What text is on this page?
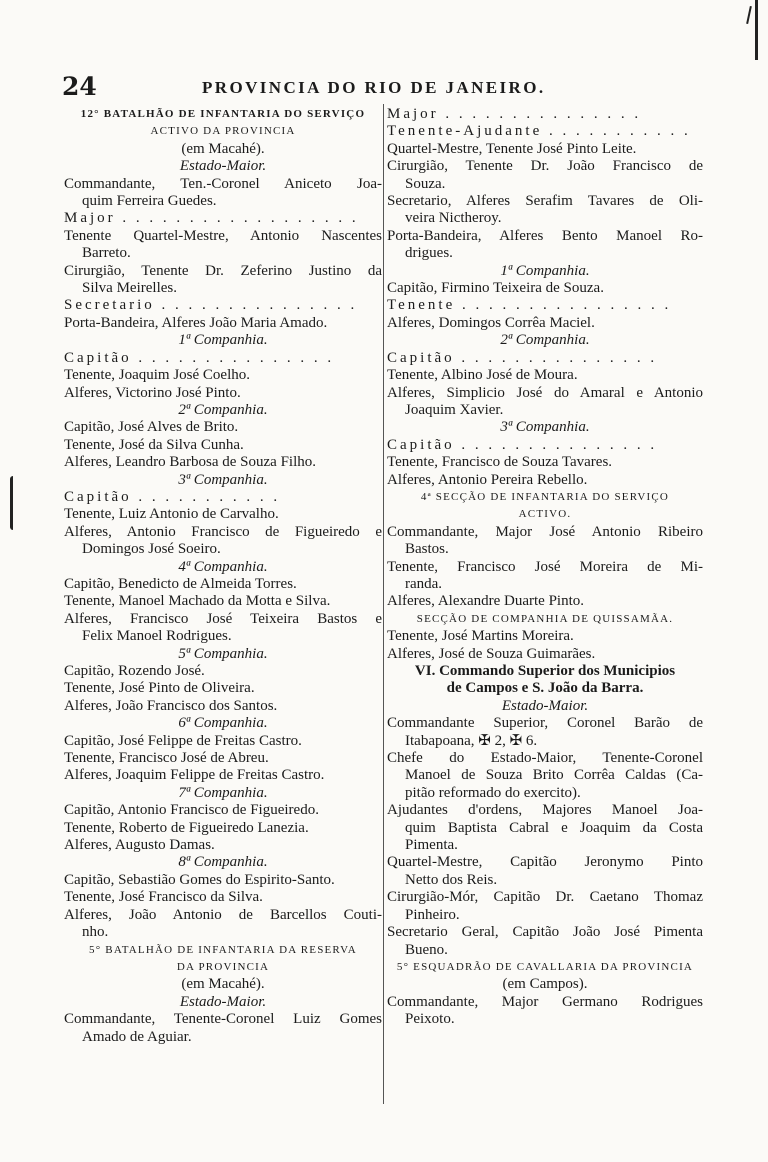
24	PROVINCIA DO RIO DE JANEIRO.
12° BATALHÃO DE INFANTARIA DO SERVIÇO
ACTIVO DA PROVINCIA
(em Macahé).
Estado-Maior.
Commandante, Ten.-Coronel Aniceto Joa-
quim Ferreira Guedes.
Major . . . . . . . . . . . . . . . . . .
Tenente Quartel-Mestre, Antonio Nascentes
Barreto.
Cirurgião, Tenente Dr. Zeferino Justino da
Silva Meirelles.
Secretario . . . . . . . . . . . . . . .
Porta-Bandeira, Alferes João Maria Amado.
1ª Companhia.
Capitão . . . . . . . . . . . . . . .
Tenente, Joaquim José Coelho.
Alferes, Victorino José Pinto.
2ª Companhia.
Capitão, José Alves de Brito.
Tenente, José da Silva Cunha.
Alferes, Leandro Barbosa de Souza Filho.
3ª Companhia.
Capitão . . . . . . . . . . .
Tenente, Luiz Antonio de Carvalho.
Alferes, Antonio Francisco de Figueiredo e
Domingos José Soeiro.
4ª Companhia.
Capitão, Benedicto de Almeida Torres.
Tenente, Manoel Machado da Motta e Silva.
Alferes, Francisco José Teixeira Bastos e
Felix Manoel Rodrigues.
5ª Companhia.
Capitão, Rozendo José.
Tenente, José Pinto de Oliveira.
Alferes, João Francisco dos Santos.
6ª Companhia.
Capitão, José Felippe de Freitas Castro.
Tenente, Francisco José de Abreu.
Alferes, Joaquim Felippe de Freitas Castro.
7ª Companhia.
Capitão, Antonio Francisco de Figueiredo.
Tenente, Roberto de Figueiredo Lanezia.
Alferes, Augusto Damas.
8ª Companhia.
Capitão, Sebastião Gomes do Espirito-Santo.
Tenente, José Francisco da Silva.
Alferes, João Antonio de Barcellos Couti-
nho.
5° BATALHÃO DE INFANTARIA DA RESERVA
DA PROVINCIA
(em Macahé).
Estado-Maior.
Commandante, Tenente-Coronel Luiz Gomes
Amado de Aguiar.
Major . . . . . . . . . . . . . . .
Tenente-Ajudante . . . . . . . . . . .
Quartel-Mestre, Tenente José Pinto Leite.
Cirurgião, Tenente Dr. João Francisco de
Souza.
Secretario, Alferes Serafim Tavares de Oli-
veira Nictheroy.
Porta-Bandeira, Alferes Bento Manoel Ro-
drigues.
1ª Companhia.
Capitão, Firmino Teixeira de Souza.
Tenente . . . . . . . . . . . . . . . .
Alferes, Domingos Corrêa Maciel.
2ª Companhia.
Capitão . . . . . . . . . . . . . . .
Tenente, Albino José de Moura.
Alferes, Simplicio José do Amaral e Antonio
Joaquim Xavier.
3ª Companhia.
Capitão . . . . . . . . . . . . . . .
Tenente, Francisco de Souza Tavares.
Alferes, Antonio Pereira Rebello.
4ª SECÇÃO DE INFANTARIA DO SERVIÇO
ACTIVO.
Commandante, Major José Antonio Ribeiro
Bastos.
Tenente, Francisco José Moreira de Mi-
randa.
Alferes, Alexandre Duarte Pinto.
SECÇÃO DE COMPANHIA DE QUISSAMÃA.
Tenente, José Martins Moreira.
Alferes, José de Souza Guimarães.
VI. Commando Superior dos Municipios
de Campos e S. João da Barra.
Estado-Maior.
Commandante Superior, Coronel Barão de
Itabapoana, ✠ 2, ✠ 6.
Chefe do Estado-Maior, Tenente-Coronel
Manoel de Souza Brito Corrêa Caldas (Ca-
pitão reformado do exercito).
Ajudantes d'ordens, Majores Manoel Joa-
quim Baptista Cabral e Joaquim da Costa
Pimenta.
Quartel-Mestre, Capitão Jeronymo Pinto
Netto dos Reis.
Cirurgião-Mór, Capitão Dr. Caetano Thomaz
Pinheiro.
Secretario Geral, Capitão João José Pimenta
Bueno.
5° ESQUADRÃO DE CAVALLARIA DA PROVINCIA
(em Campos).
Commandante, Major Germano Rodrigues
Peixoto.
